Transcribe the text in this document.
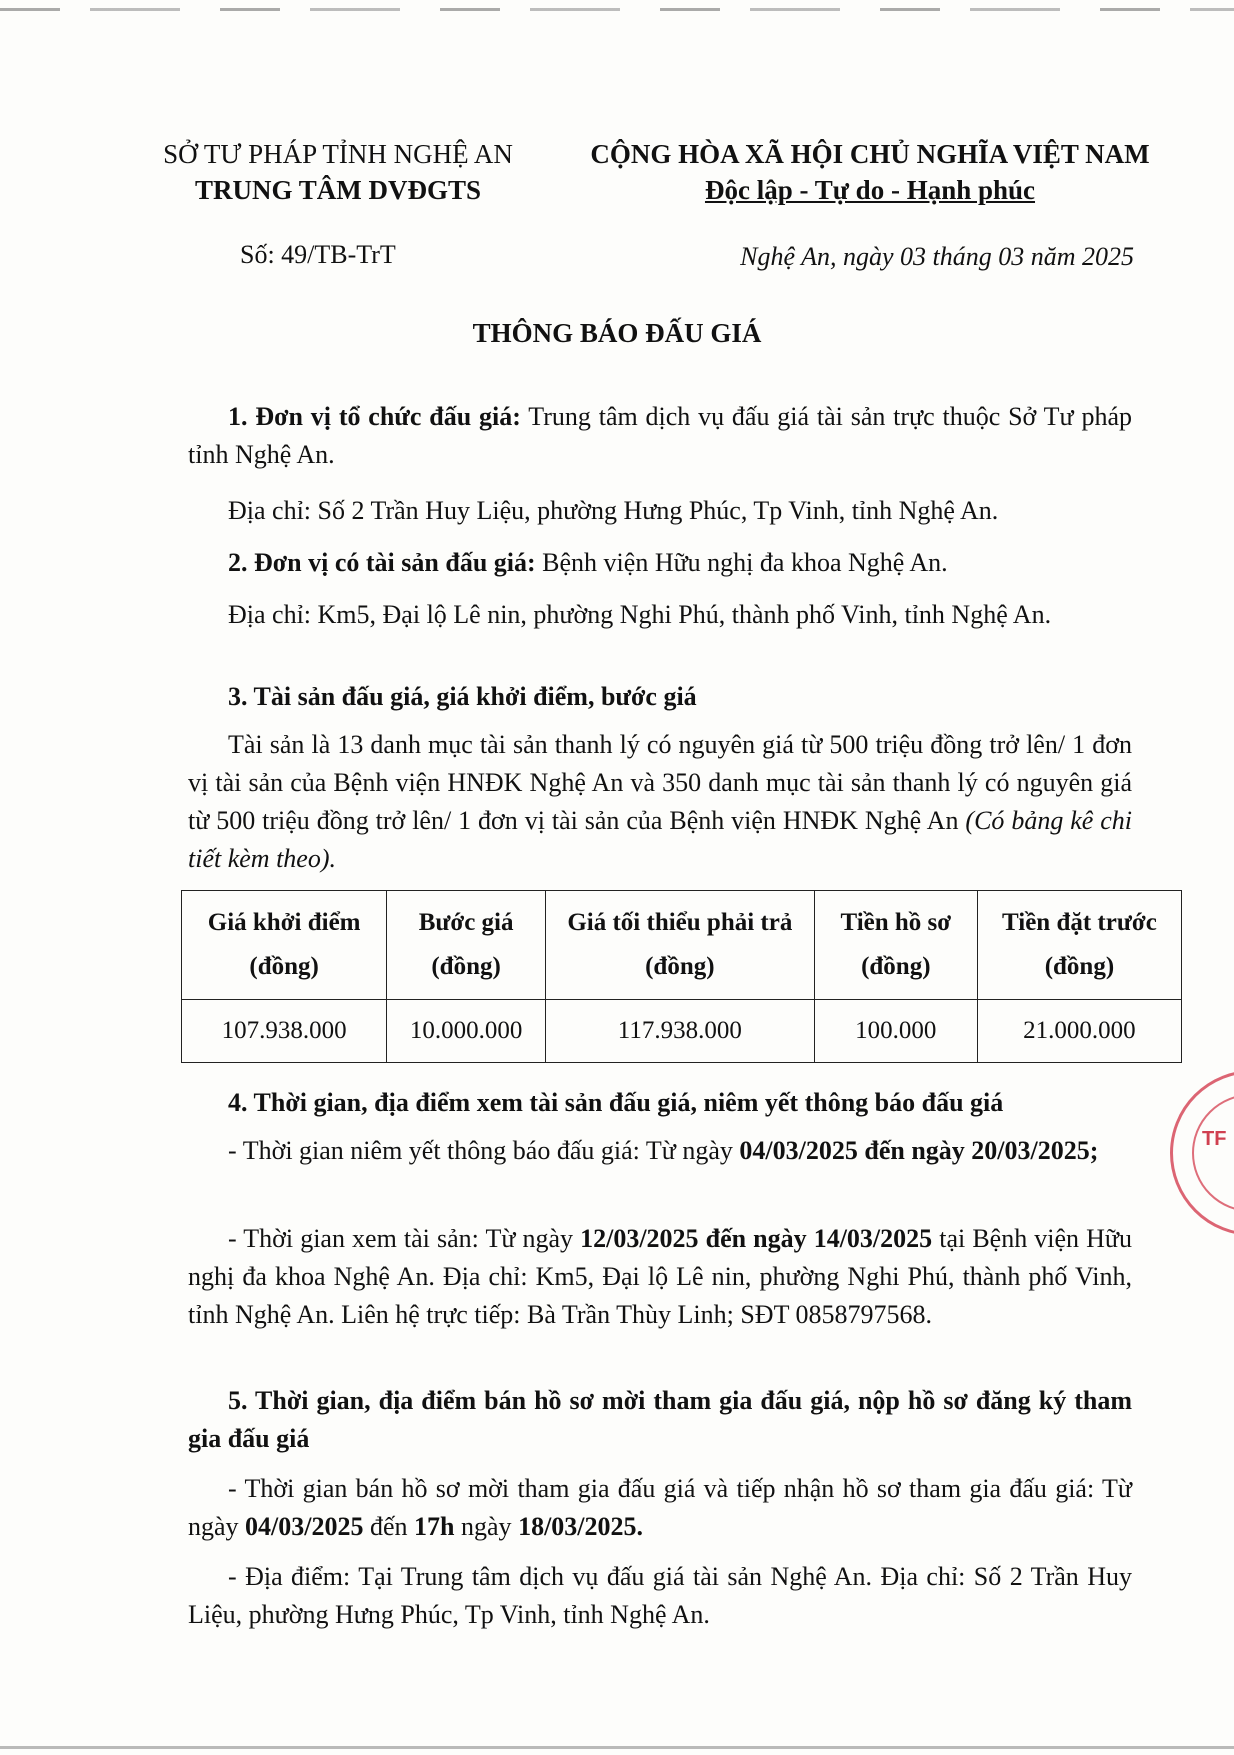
SỞ TƯ PHÁP TỈNH NGHỆ AN
TRUNG TÂM DVĐGTS
CỘNG HÒA XÃ HỘI CHỦ NGHĨA VIỆT NAM
Độc lập - Tự do - Hạnh phúc
Số: 49/TB-TrT	Nghệ An, ngày 03 tháng 03 năm 2025
THÔNG BÁO ĐẤU GIÁ
1. Đơn vị tổ chức đấu giá: Trung tâm dịch vụ đấu giá tài sản trực thuộc Sở Tư pháp tỉnh Nghệ An.
Địa chỉ: Số 2 Trần Huy Liệu, phường Hưng Phúc, Tp Vinh, tỉnh Nghệ An.
2. Đơn vị có tài sản đấu giá: Bệnh viện Hữu nghị đa khoa Nghệ An.
Địa chỉ: Km5, Đại lộ Lê nin, phường Nghi Phú, thành phố Vinh, tỉnh Nghệ An.
3. Tài sản đấu giá, giá khởi điểm, bước giá
Tài sản là 13 danh mục tài sản thanh lý có nguyên giá từ 500 triệu đồng trở lên/ 1 đơn vị tài sản của Bệnh viện HNĐK Nghệ An và 350 danh mục tài sản thanh lý có nguyên giá từ 500 triệu đồng trở lên/ 1 đơn vị tài sản của Bệnh viện HNĐK Nghệ An (Có bảng kê chi tiết kèm theo).
Giá khởi điểm (đồng)	Bước giá (đồng)	Giá tối thiểu phải trả (đồng)	Tiền hồ sơ (đồng)	Tiền đặt trước (đồng)
107.938.000	10.000.000	117.938.000	100.000	21.000.000
4. Thời gian, địa điểm xem tài sản đấu giá, niêm yết thông báo đấu giá
- Thời gian niêm yết thông báo đấu giá: Từ ngày 04/03/2025 đến ngày 20/03/2025;
- Thời gian xem tài sản: Từ ngày 12/03/2025 đến ngày 14/03/2025 tại Bệnh viện Hữu nghị đa khoa Nghệ An. Địa chỉ: Km5, Đại lộ Lê nin, phường Nghi Phú, thành phố Vinh, tỉnh Nghệ An. Liên hệ trực tiếp: Bà Trần Thùy Linh; SĐT 0858797568.
5. Thời gian, địa điểm bán hồ sơ mời tham gia đấu giá, nộp hồ sơ đăng ký tham gia đấu giá
- Thời gian bán hồ sơ mời tham gia đấu giá và tiếp nhận hồ sơ tham gia đấu giá: Từ ngày 04/03/2025 đến 17h ngày 18/03/2025.
- Địa điểm: Tại Trung tâm dịch vụ đấu giá tài sản Nghệ An. Địa chỉ: Số 2 Trần Huy Liệu, phường Hưng Phúc, Tp Vinh, tỉnh Nghệ An.
TF
